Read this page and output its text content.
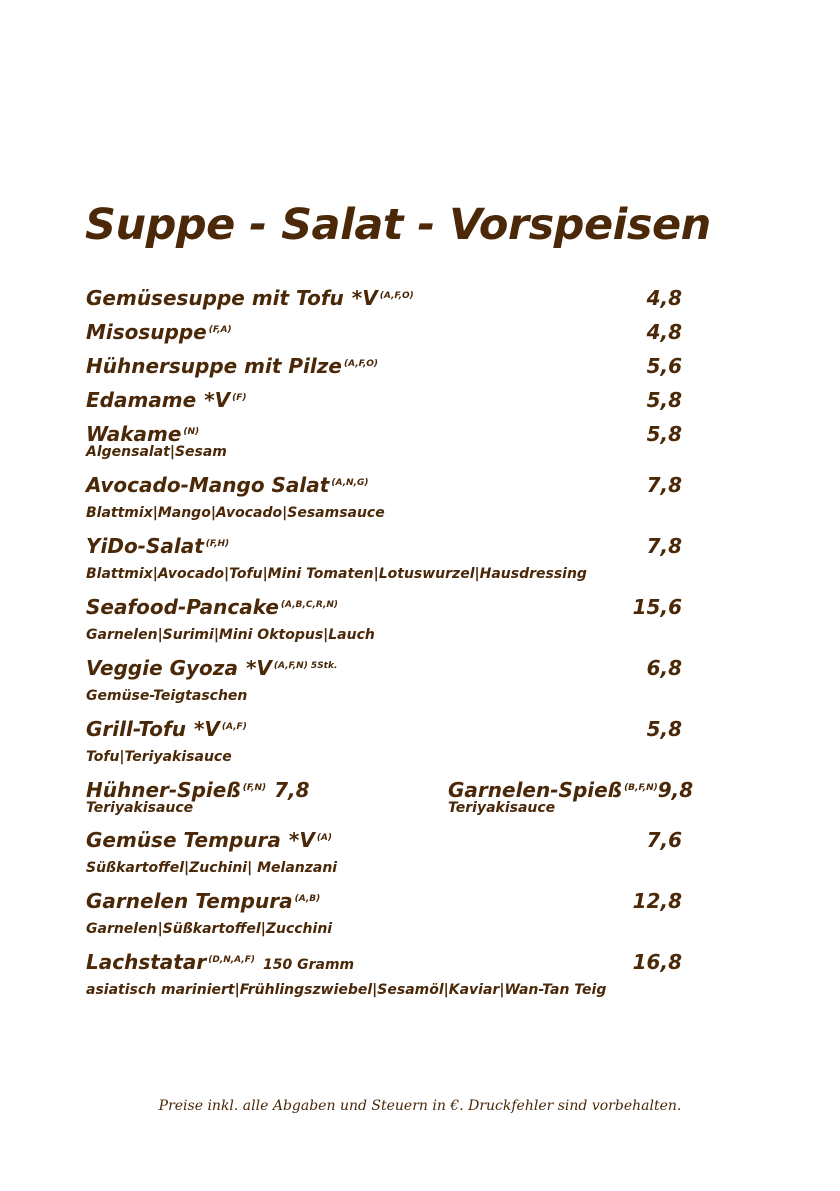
Suppe - Salat - Vorspeisen
Gemüsesuppe mit Tofu *V $^{(A,F,O)}$	4,8
Misosuppe $^{(F,A)}$	4,8
Hühnersuppe mit Pilze $^{(A,F,O)}$	5,6
Edamame *V $^{(F)}$	5,8
Wakame $^{(N)}$	5,8
Algensalat|Sesam
Avocado-Mango Salat $^{(A,N,G)}$	7,8
Blattmix|Mango|Avocado|Sesamsauce
YiDo-Salat $^{(F,H)}$	7,8
Blattmix|Avocado|Tofu|Mini Tomaten|Lotuswurzel|Hausdressing
Seafood-Pancake $^{(A,B,C,R,N)}$	15,6
Garnelen|Surimi|Mini Oktopus|Lauch
Veggie Gyoza *V $^{(A,F,N) 5Stk.}$	6,8
Gemüse-Teigtaschen
Grill-Tofu *V $^{(A,F)}$	5,8
Tofu|Teriyakisauce
Hühner-Spieß $^{(F,N)}$ 7,8
Teriyakisauce
Garnelen-Spieß $^{(B,F,N)}$ 9,8
Teriyakisauce
Gemüse Tempura *V $^{(A)}$	7,6
Süßkartoffel|Zuchini| Melanzani
Garnelen Tempura $^{(A,B)}$	12,8
Garnelen|Süßkartoffel|Zucchini
Lachstatar $^{(D,N,A,F)}$ 150 Gramm	16,8
asiatisch mariniert|Frühlingszwiebel|Sesamöl|Kaviar|Wan-Tan Teig
Preise inkl. alle Abgaben und Steuern in €. Druckfehler sind vorbehalten.
